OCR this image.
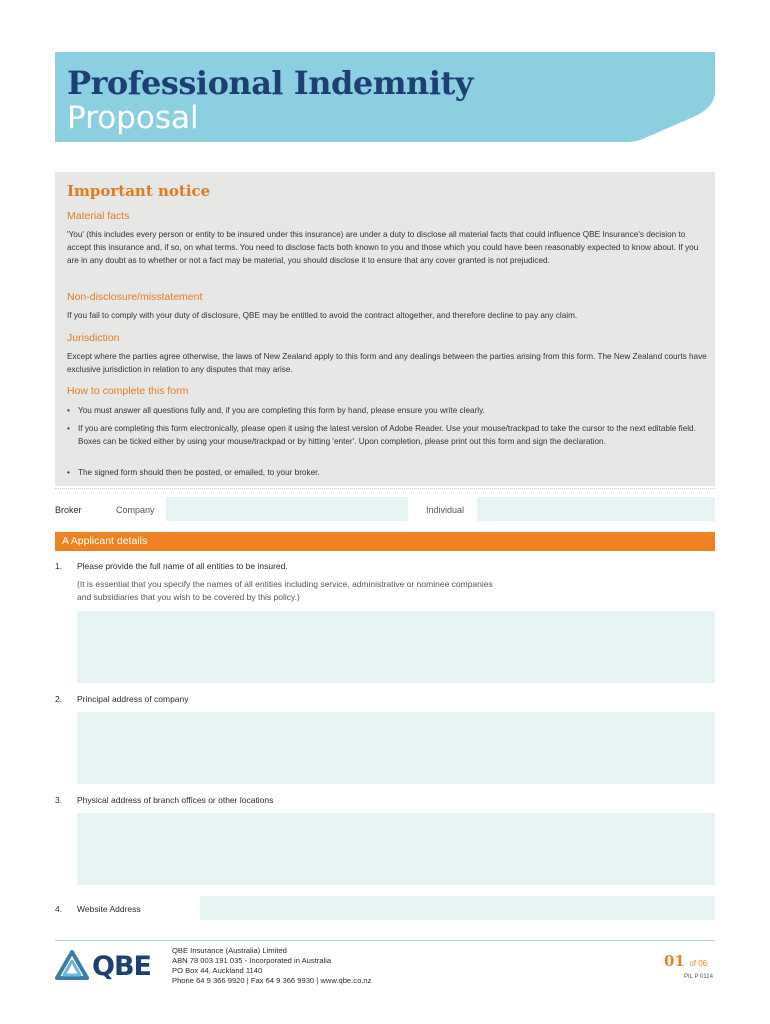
Professional Indemnity
Proposal
Important notice
Material facts
'You' (this includes every person or entity to be insured under this insurance) are under a duty to disclose all material facts that could influence QBE Insurance's decision to accept this insurance and, if so, on what terms. You need to disclose facts both known to you and those which you could have been reasonably expected to know about. If you are in any doubt as to whether or not a fact may be material, you should disclose it to ensure that any cover granted is not prejudiced.
Non-disclosure/misstatement
If you fail to comply with your duty of disclosure, QBE may be entitled to avoid the contract altogether, and therefore decline to pay any claim.
Jurisdiction
Except where the parties agree otherwise, the laws of New Zealand apply to this form and any dealings between the parties arising from this form. The New Zealand courts have exclusive jurisdiction in relation to any disputes that may arise.
How to complete this form
• You must answer all questions fully and, if you are completing this form by hand, please ensure you write clearly.
• If you are completing this form electronically, please open it using the latest version of Adobe Reader. Use your mouse/trackpad to take the cursor to the next editable field. Boxes can be ticked either by using your mouse/trackpad or by hitting 'enter'. Upon completion, please print out this form and sign the declaration.
• The signed form should then be posted, or emailed, to your broker.
Broker	Company	Individual
A Applicant details
1. Please provide the full name of all entities to be insured.
(It is essential that you specify the names of all entities including service, administrative or nominee companies and subsidiaries that you wish to be covered by this policy.)
2. Principal address of company
3. Physical address of branch offices or other locations
4. Website Address
QBE
QBE Insurance (Australia) Limited
ABN 78 003 191 035 - Incorporated in Australia
PO Box 44, Auckland 1140
Phone 64 9 366 9920 | Fax 64 9 366 9930 | www.qbe.co.nz
01 of 06
PIL P 0114
